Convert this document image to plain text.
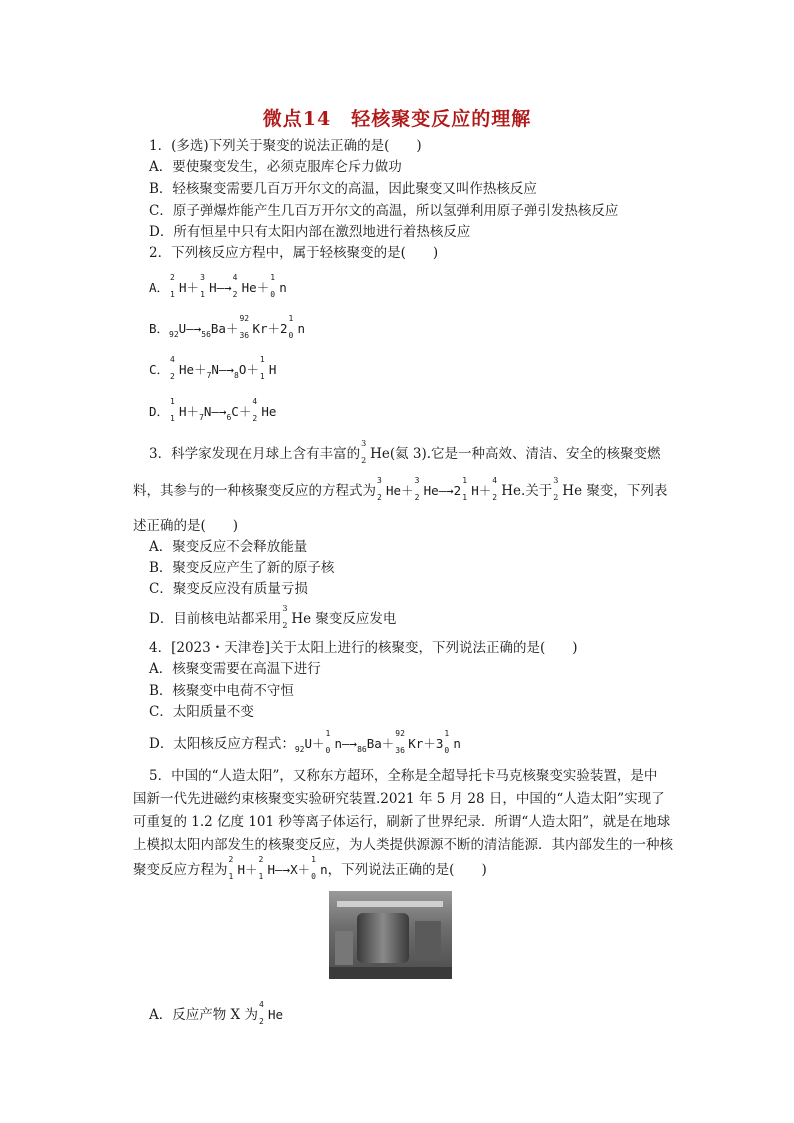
微点14　轻核聚变反应的理解
1．(多选)下列关于聚变的说法正确的是(　　)
A．要使聚变发生，必须克服库仑斥力做功
B．轻核聚变需要几百万开尔文的高温，因此聚变又叫作热核反应
C．原子弹爆炸能产生几百万开尔文的高温，所以氢弹利用原子弹引发热核反应
D．所有恒星中只有太阳内部在激烈地进行着热核反应
2．下列核反应方程中，属于轻核聚变的是(　　)
A．
2
1 H＋
3
1 H―→
4
2 He＋
1
0 n
B．$_{92}U―\to_{56}Ba+$
92
36 Kr＋2
1
0 n
C．
4
2 $He+_7N―\to_8O+$
1
1 H
D．
1
1 $H+_7N―\to_6C+$
4
2 He
3．科学家发现在月球上含有丰富的
3
2 He(氦 3).它是一种高效、清洁、安全的核聚变燃
料，其参与的一种核聚变反应的方程式为
3
2 He＋
3
2 He―→2
1
1 H＋
4
2 He.关于
3
2 He 聚变，下列表
述正确的是(　　)
A．聚变反应不会释放能量
B．聚变反应产生了新的原子核
C．聚变反应没有质量亏损
D．目前核电站都采用
3
2 He 聚变反应发电
4．[2023・天津卷]关于太阳上进行的核聚变，下列说法正确的是(　　)
A．核聚变需要在高温下进行
B．核聚变中电荷不守恒
C．太阳质量不变
D．太阳核反应方程式：$_{92}$U＋
1
0 $n―\to_{86}Ba+$
92
36 Kr＋3
1
0 n
5．中国的“人造太阳”，又称东方超环，全称是全超导托卡马克核聚变实验装置，是中
国新一代先进磁约束核聚变实验研究装置.2021 年 5 月 28 日，中国的“人造太阳”实现了
可重复的 1.2 亿度 101 秒等离子体运行，刷新了世界纪录．所谓“人造太阳”，就是在地球
上模拟太阳内部发生的核聚变反应，为人类提供源源不断的清洁能源．其内部发生的一种核
聚变反应方程为
2
1 H＋
2
1 H―→X＋
1
0 n，下列说法正确的是(　　)
A．反应产物 X 为
4
2 He
